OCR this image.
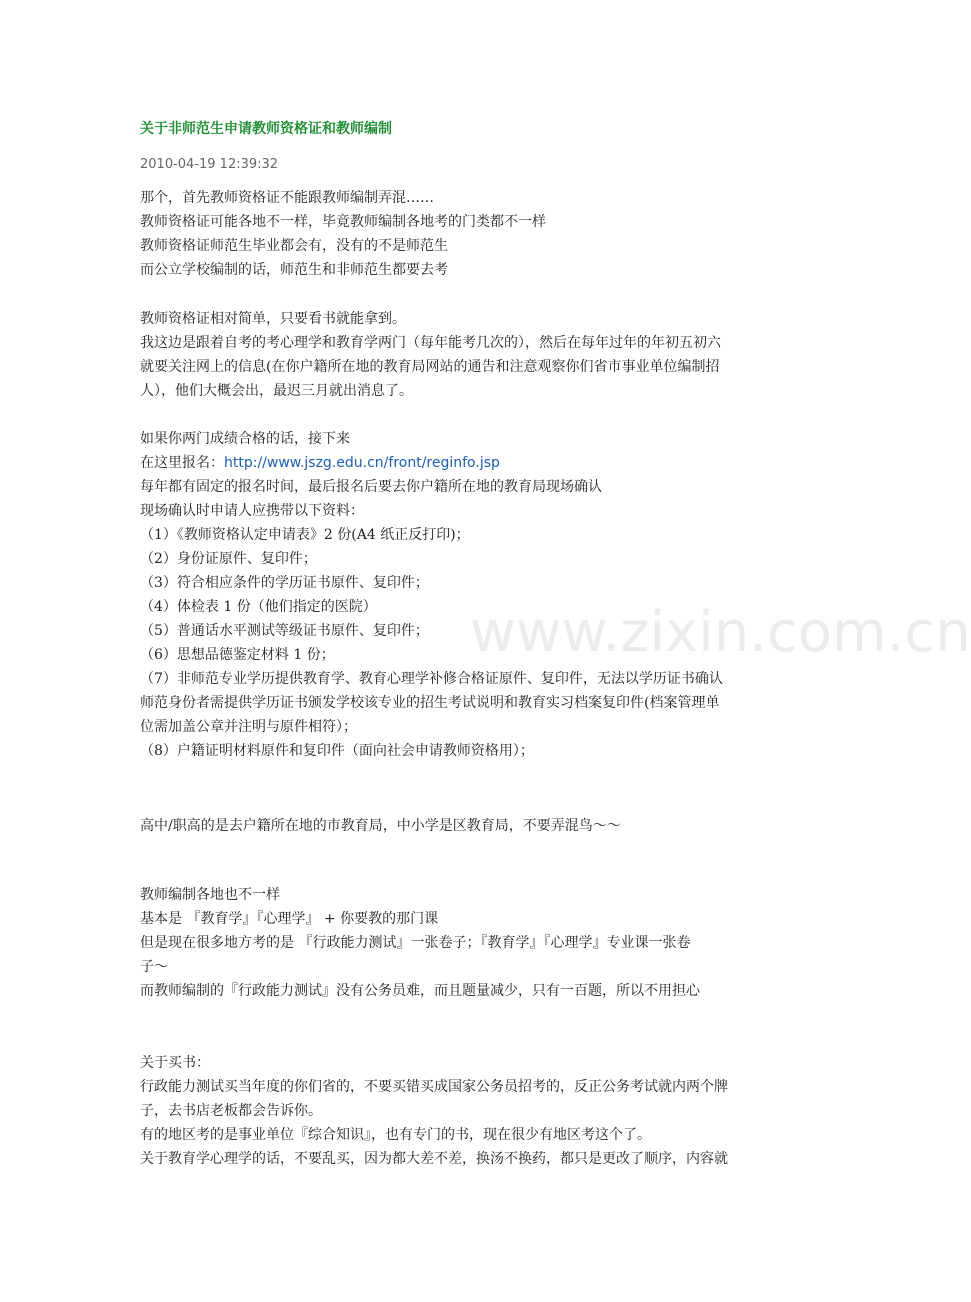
www.zixin.com.cn
关于非师范生申请教师资格证和教师编制
2010-04-19 12:39:32
那个，首先教师资格证不能跟教师编制弄混……
教师资格证可能各地不一样，毕竟教师编制各地考的门类都不一样
教师资格证师范生毕业都会有，没有的不是师范生
而公立学校编制的话，师范生和非师范生都要去考
教师资格证相对简单，只要看书就能拿到。
我这边是跟着自考的考心理学和教育学两门（每年能考几次的），然后在每年过年的年初五初六
就要关注网上的信息(在你户籍所在地的教育局网站的通告和注意观察你们省市事业单位编制招
人），他们大概会出，最迟三月就出消息了。
如果你两门成绩合格的话，接下来
在这里报名：http://www.jszg.edu.cn/front/reginfo.jsp
每年都有固定的报名时间，最后报名后要去你户籍所在地的教育局现场确认
现场确认时申请人应携带以下资料：
（1）《教师资格认定申请表》2 份(A4 纸正反打印)；
（2）身份证原件、复印件；
（3）符合相应条件的学历证书原件、复印件；
（4）体检表 1 份（他们指定的医院）
（5）普通话水平测试等级证书原件、复印件；
（6）思想品德鉴定材料 1 份；
（7）非师范专业学历提供教育学、教育心理学补修合格证原件、复印件，无法以学历证书确认
师范身份者需提供学历证书颁发学校该专业的招生考试说明和教育实习档案复印件(档案管理单
位需加盖公章并注明与原件相符）；
（8）户籍证明材料原件和复印件（面向社会申请教师资格用）；
高中/职高的是去户籍所在地的市教育局，中小学是区教育局，不要弄混鸟～～
教师编制各地也不一样
基本是 『教育学』『心理学』 + 你要教的那门课
但是现在很多地方考的是 『行政能力测试』一张卷子；『教育学』『心理学』专业课一张卷
子～
而教师编制的『行政能力测试』没有公务员难，而且题量减少，只有一百题，所以不用担心
关于买书：
行政能力测试买当年度的你们省的，不要买错买成国家公务员招考的，反正公务考试就内两个牌
子，去书店老板都会告诉你。
有的地区考的是事业单位『综合知识』，也有专门的书，现在很少有地区考这个了。
关于教育学心理学的话，不要乱买，因为都大差不差，换汤不换药，都只是更改了顺序，内容就
